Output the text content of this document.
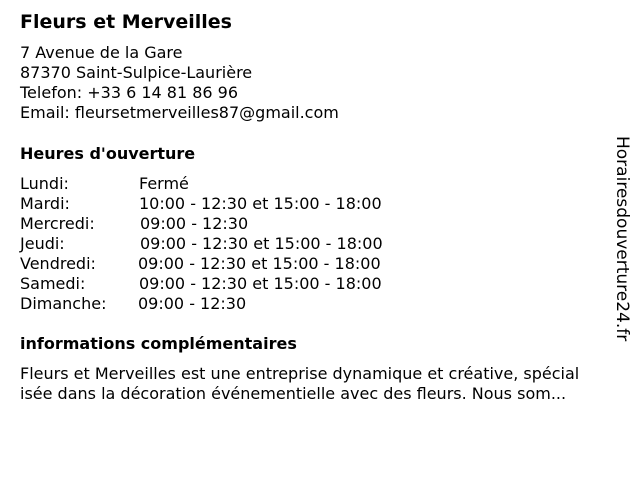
Fleurs et Merveilles
7 Avenue de la Gare
87370 Saint-Sulpice-Laurière
Telefon: +33 6 14 81 86 96
Email: fleursetmerveilles87@gmail.com
Heures d'ouverture
Lundi:	Fermé
Mardi:	10:00 - 12:30 et 15:00 - 18:00
Mercredi:	09:00 - 12:30
Jeudi:	09:00 - 12:30 et 15:00 - 18:00
Vendredi:	09:00 - 12:30 et 15:00 - 18:00
Samedi:	09:00 - 12:30 et 15:00 - 18:00
Dimanche: 09:00 - 12:30
informations complémentaires
Fleurs et Merveilles est une entreprise dynamique et créative, spécial
isée dans la décoration événementielle avec des fleurs. Nous som...
Horairesdouverture24.fr
